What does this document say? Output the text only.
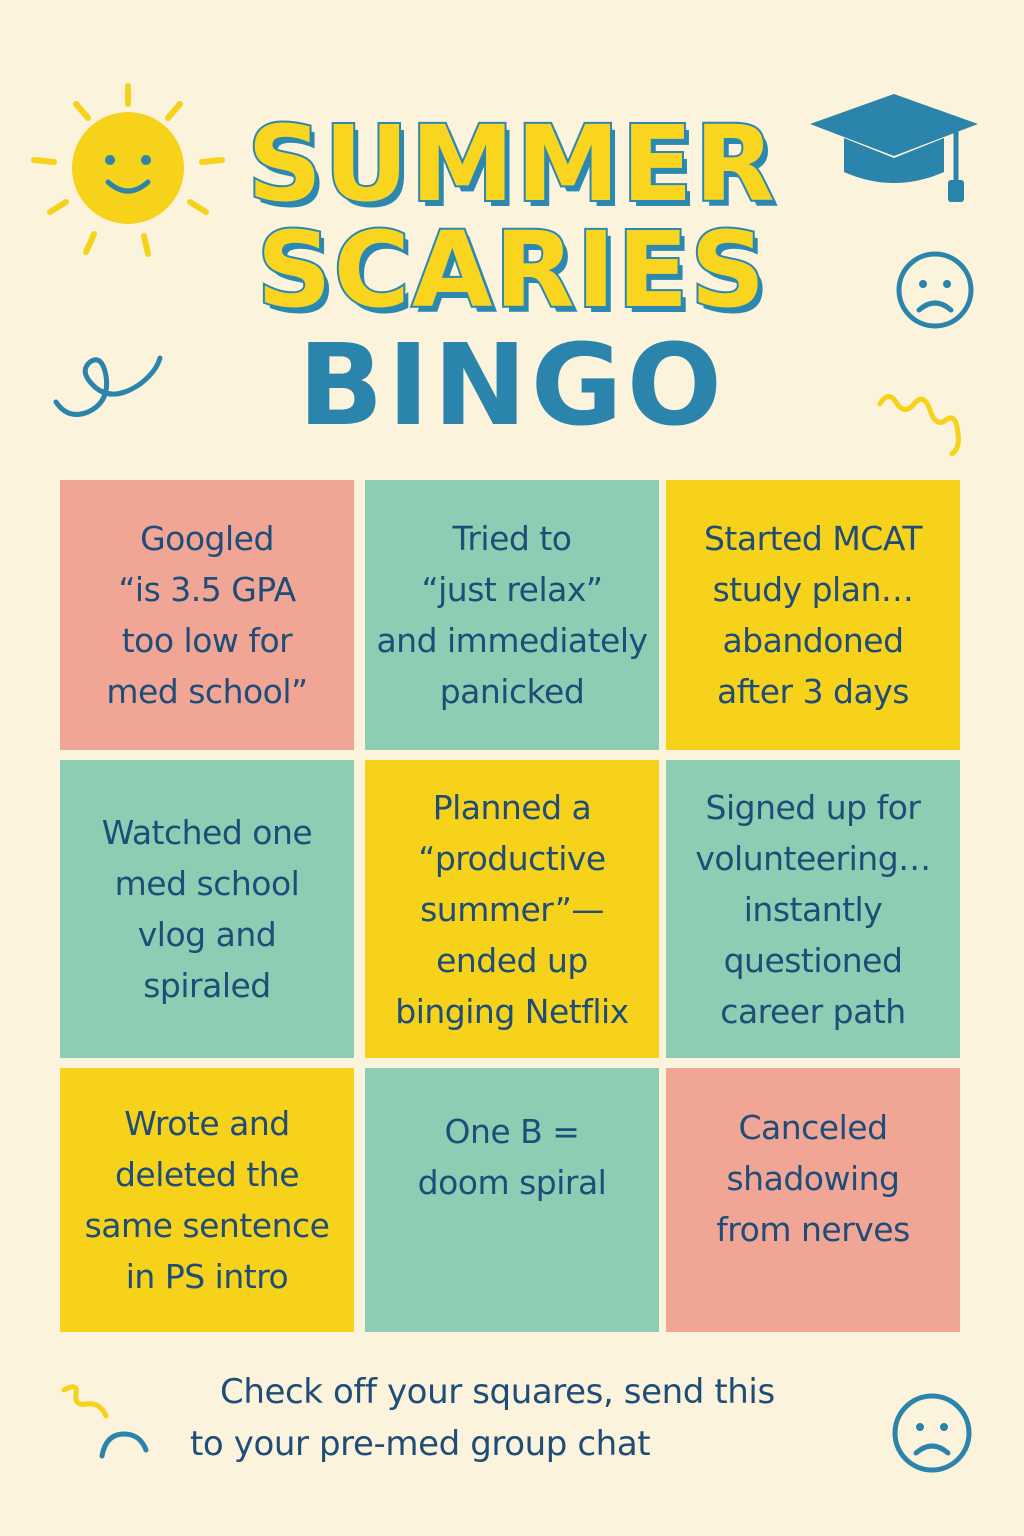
SUMMER
SCARIES
BINGO
Googled
“is 3.5 GPA
too low for
med school”
Tried to
“just relax”
and immediately
panicked
Started MCAT
study plan…
abandoned
after 3 days
Watched one
med school
vlog and
spiraled
Planned a
“productive
summer”—
ended up
binging Netflix
Signed up for
volunteering…
instantly
questioned
career path
Wrote and
deleted the
same sentence
in PS intro
One B =
doom spiral
Canceled
shadowing
from nerves
Check off your squares, send this
to your pre-med group chat
